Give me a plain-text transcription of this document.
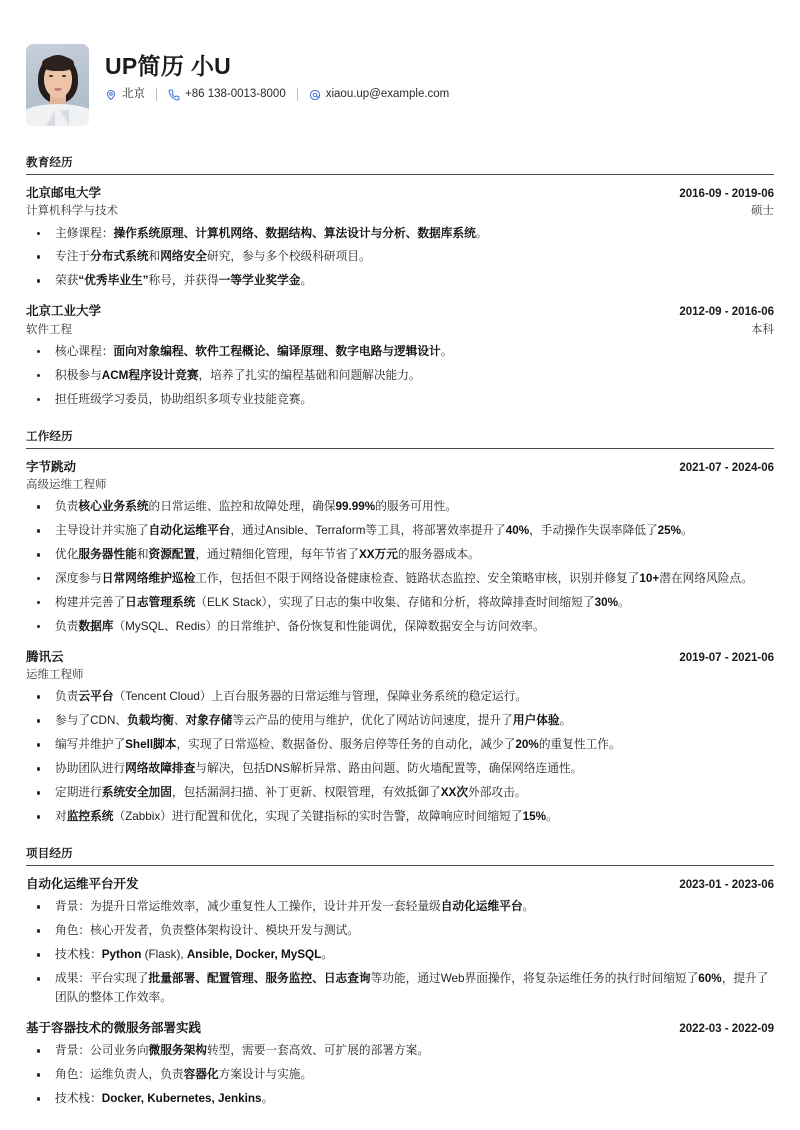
UP简历 小U
北京	+86 138-0013-8000	xiaou.up@example.com
教育经历
北京邮电大学	2016-09 - 2019-06
计算机科学与技术	硕士
主修课程：操作系统原理、计算机网络、数据结构、算法设计与分析、数据库系统。
专注于分布式系统和网络安全研究，参与多个校级科研项目。
荣获“优秀毕业生”称号，并获得一等学业奖学金。
北京工业大学	2012-09 - 2016-06
软件工程	本科
核心课程：面向对象编程、软件工程概论、编译原理、数字电路与逻辑设计。
积极参与ACM程序设计竞赛，培养了扎实的编程基础和问题解决能力。
担任班级学习委员，协助组织多项专业技能竞赛。
工作经历
字节跳动	2021-07 - 2024-06
高级运维工程师
负责核心业务系统的日常运维、监控和故障处理，确保99.99%的服务可用性。
主导设计并实施了自动化运维平台，通过Ansible、Terraform等工具，将部署效率提升了40%，手动操作失误率降低了25%。
优化服务器性能和资源配置，通过精细化管理，每年节省了XX万元的服务器成本。
深度参与日常网络维护巡检工作，包括但不限于网络设备健康检查、链路状态监控、安全策略审核，识别并修复了10+潜在网络风险点。
构建并完善了日志管理系统（ELK Stack），实现了日志的集中收集、存储和分析，将故障排查时间缩短了30%。
负责数据库（MySQL、Redis）的日常维护、备份恢复和性能调优，保障数据安全与访问效率。
腾讯云	2019-07 - 2021-06
运维工程师
负责云平台（Tencent Cloud）上百台服务器的日常运维与管理，保障业务系统的稳定运行。
参与了CDN、负载均衡、对象存储等云产品的使用与维护，优化了网站访问速度，提升了用户体验。
编写并维护了Shell脚本，实现了日常巡检、数据备份、服务启停等任务的自动化，减少了20%的重复性工作。
协助团队进行网络故障排查与解决，包括DNS解析异常、路由问题、防火墙配置等，确保网络连通性。
定期进行系统安全加固，包括漏洞扫描、补丁更新、权限管理，有效抵御了XX次外部攻击。
对监控系统（Zabbix）进行配置和优化，实现了关键指标的实时告警，故障响应时间缩短了15%。
项目经历
自动化运维平台开发	2023-01 - 2023-06
背景：为提升日常运维效率，减少重复性人工操作，设计并开发一套轻量级自动化运维平台。
角色：核心开发者，负责整体架构设计、模块开发与测试。
技术栈：Python (Flask), Ansible, Docker, MySQL。
成果：平台实现了批量部署、配置管理、服务监控、日志查询等功能，通过Web界面操作，将复杂运维任务的执行时间缩短了60%，提升了团队的整体工作效率。
基于容器技术的微服务部署实践	2022-03 - 2022-09
背景：公司业务向微服务架构转型，需要一套高效、可扩展的部署方案。
角色：运维负责人，负责容器化方案设计与实施。
技术栈：Docker, Kubernetes, Jenkins。
